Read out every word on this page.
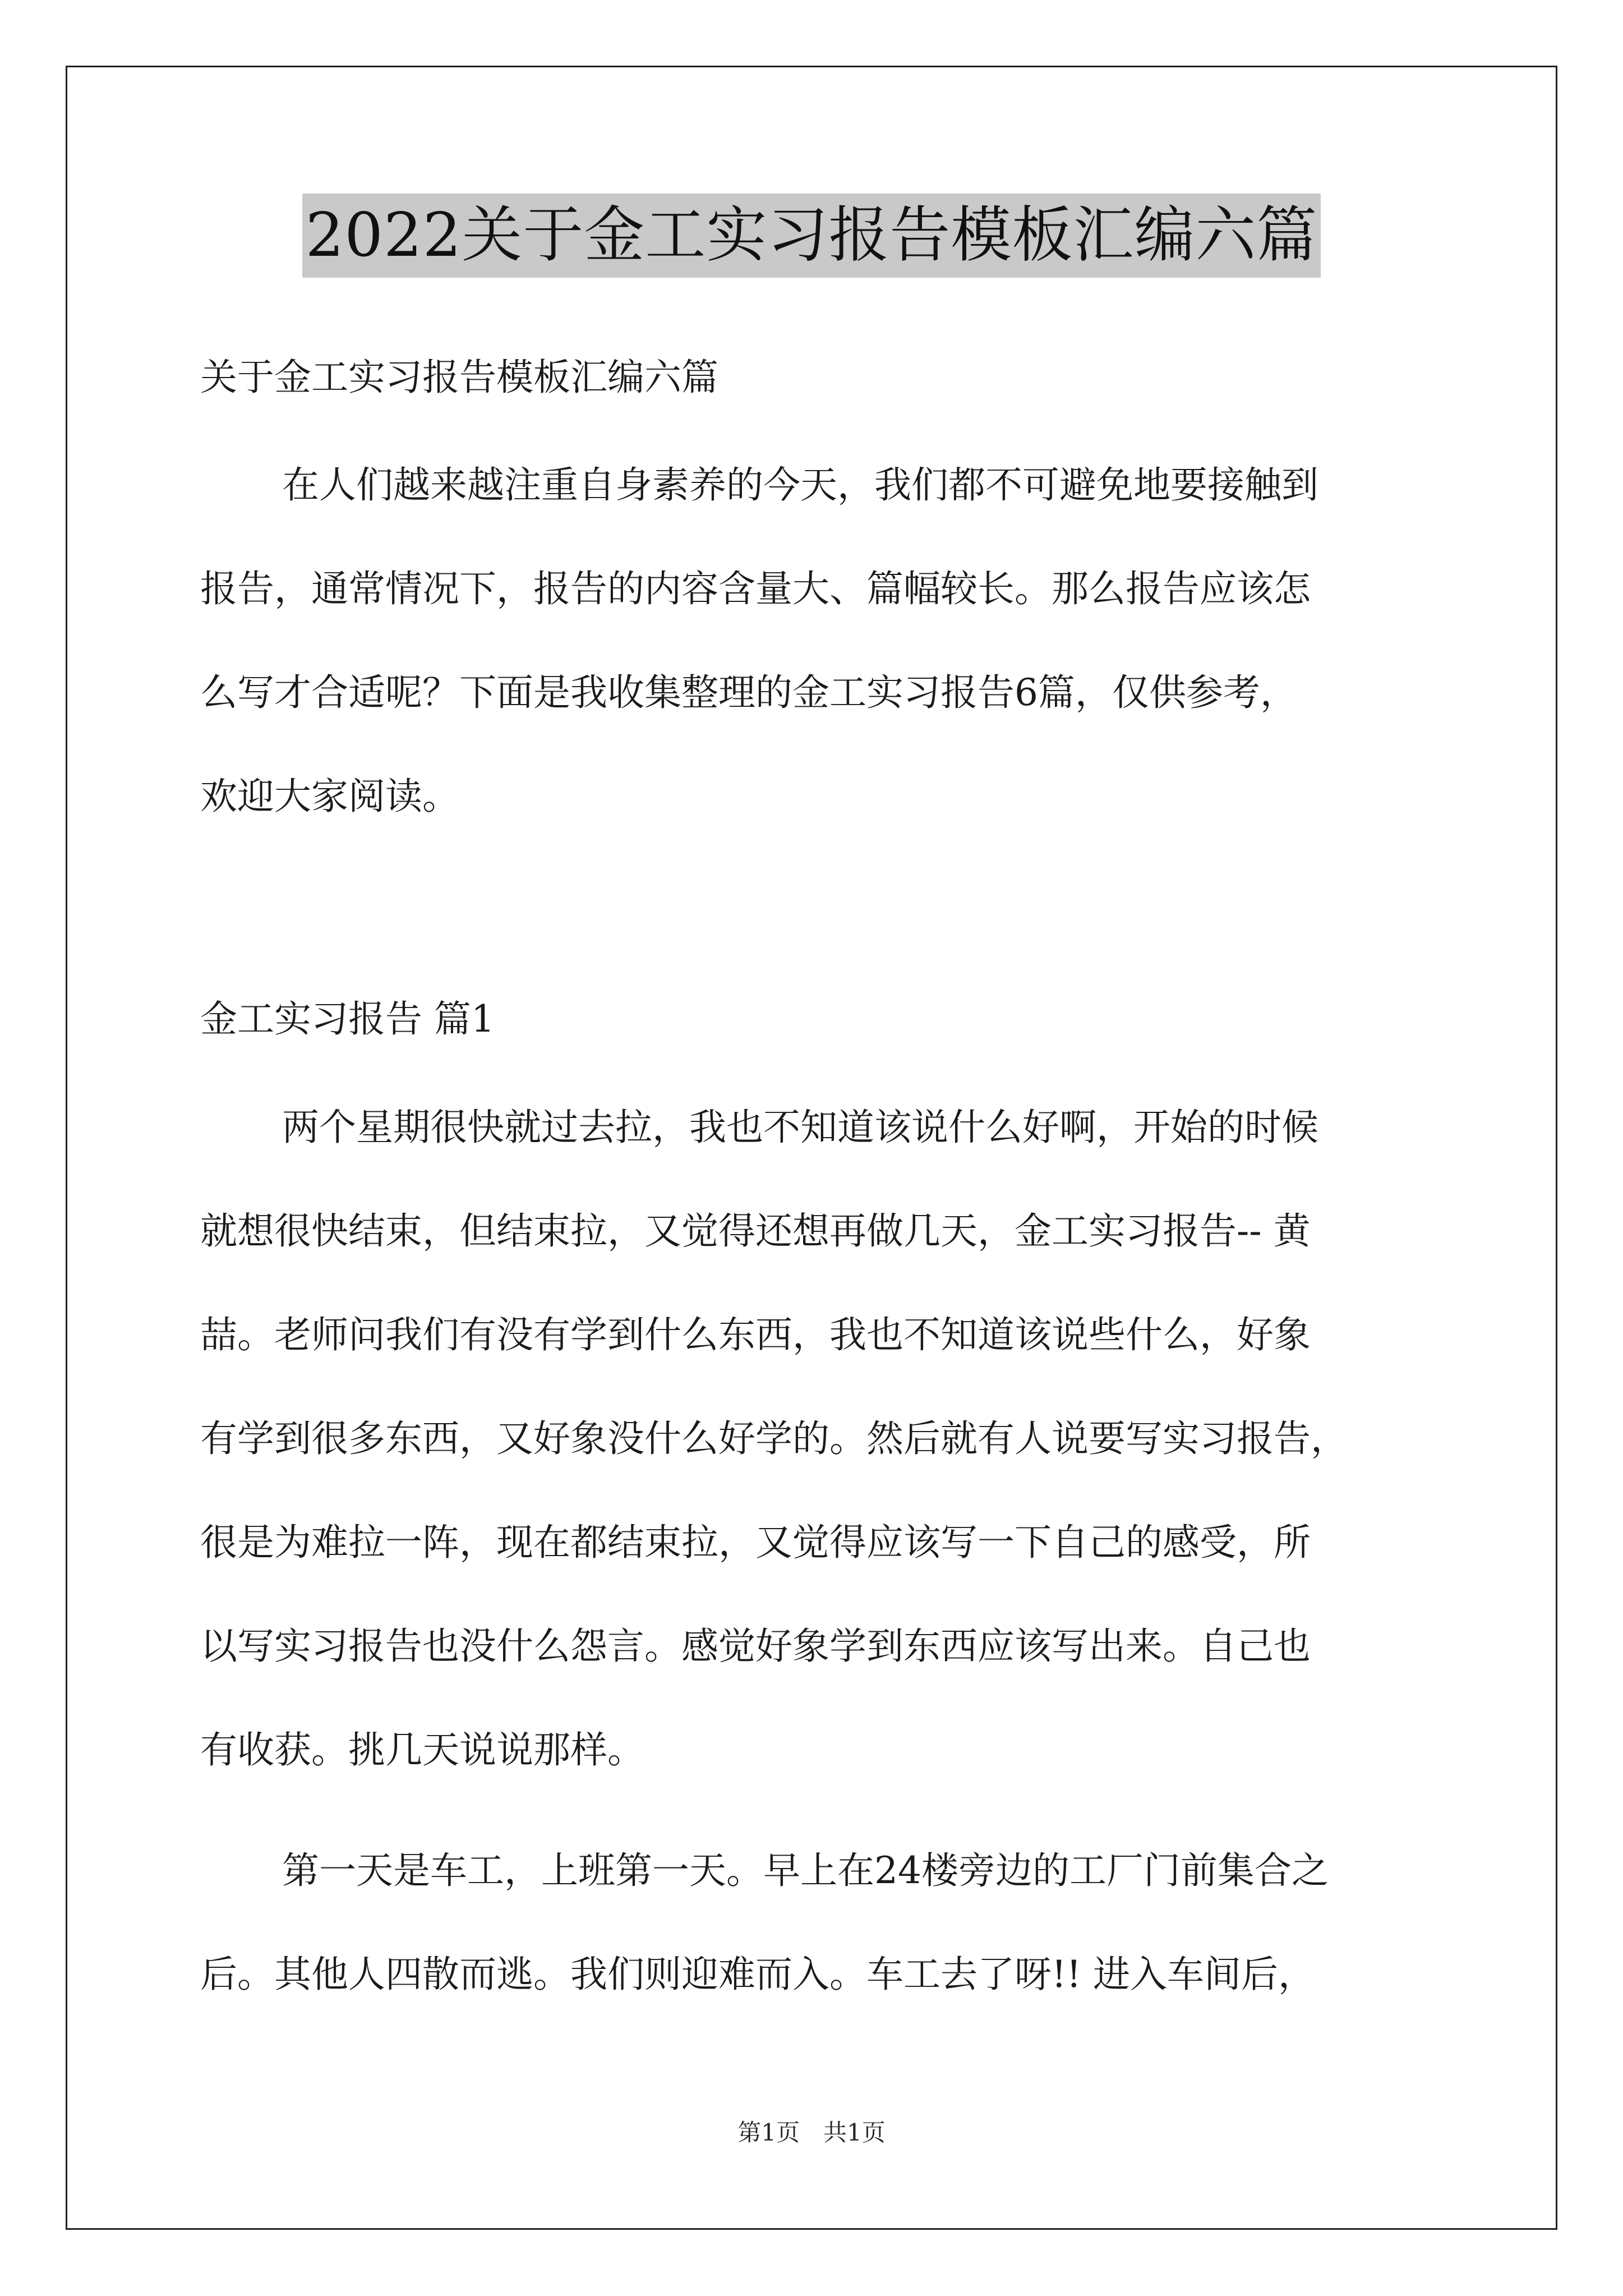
2022关于金工实习报告模板汇编六篇
关于金工实习报告模板汇编六篇
在人们越来越注重自身素养的今天，我们都不可避免地要接触到
报告，通常情况下，报告的内容含量大、篇幅较长。那么报告应该怎
么写才合适呢？下面是我收集整理的金工实习报告6篇，仅供参考，
欢迎大家阅读。
金工实习报告 篇1
两个星期很快就过去拉，我也不知道该说什么好啊，开始的时候
就想很快结束，但结束拉，又觉得还想再做几天，金工实习报告-- 黄
喆。老师问我们有没有学到什么东西，我也不知道该说些什么，好象
有学到很多东西，又好象没什么好学的。然后就有人说要写实习报告，
很是为难拉一阵，现在都结束拉，又觉得应该写一下自己的感受，所
以写实习报告也没什么怨言。感觉好象学到东西应该写出来。自己也
有收获。挑几天说说那样。
第一天是车工，上班第一天。早上在24楼旁边的工厂门前集合之
后。其他人四散而逃。我们则迎难而入。车工去了呀!! 进入车间后，
第1页　共1页
